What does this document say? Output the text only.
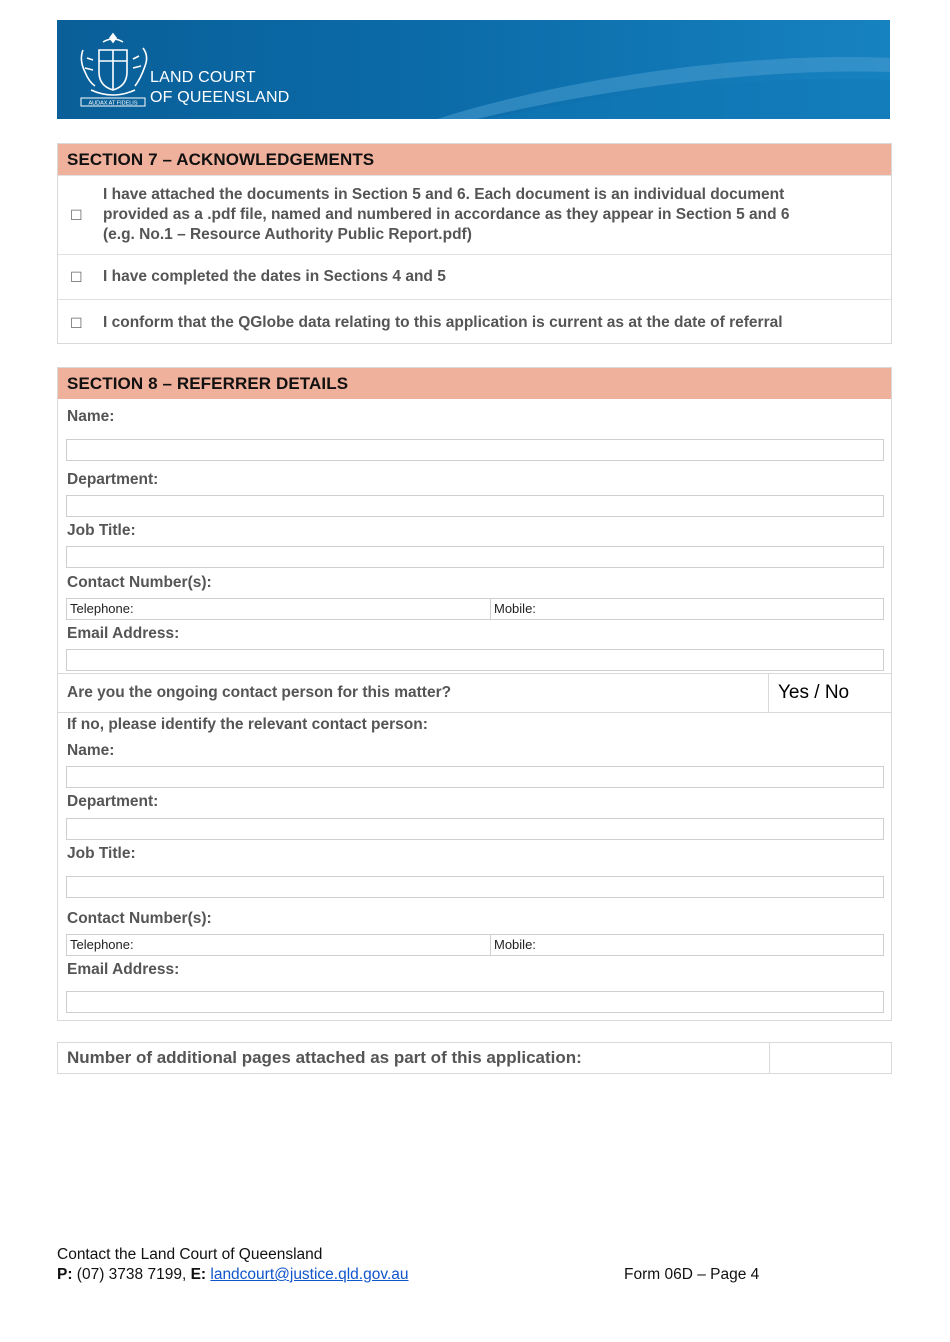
AUDAX AT FIDELIS
LAND COURT
OF QUEENSLAND
SECTION 7 – ACKNOWLEDGEMENTS
☐
I have attached the documents in Section 5 and 6. Each document is an individual document
provided as a .pdf file, named and numbered in accordance as they appear in Section 5 and 6
(e.g. No.1 – Resource Authority Public Report.pdf)
☐ I have completed the dates in Sections 4 and 5
☐ I conform that the QGlobe data relating to this application is current as at the date of referral
SECTION 8 – REFERRER DETAILS
Name:
Department:
Job Title:
Contact Number(s):
Telephone:	Mobile:
Email Address:
Are you the ongoing contact person for this matter?	Yes / No
If no, please identify the relevant contact person:
Name:
Department:
Job Title:
Contact Number(s):
Telephone:	Mobile:
Email Address:
Number of additional pages attached as part of this application:
Contact the Land Court of Queensland
P: (07) 3738 7199, E: landcourt@justice.qld.gov.au	Form 06D – Page 4
